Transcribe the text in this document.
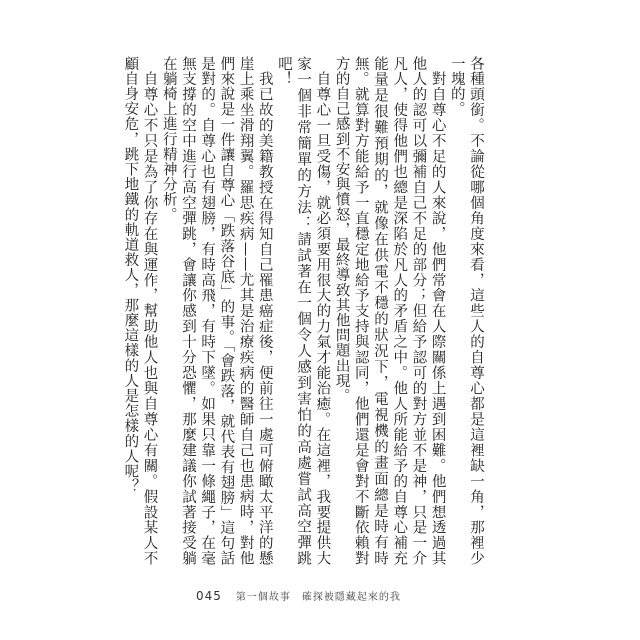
各種頭銜。不論從哪個角度來看，這些人的自尊心都是這裡缺一角，那裡少一塊的。

　對自尊心不足的人來說，他們常會在人際關係上遇到困難。他們想透過其他人的認可以彌補自己不足的部分；但給予認可的對方並不是神，只是一介凡人，使得他們也總是深陷於凡人的矛盾之中。他人所能給予的自尊心補充能量是很難預期的，就像在供電不穩的狀況下，電視機的畫面總是時有時無。就算對方能給予一直穩定地給予支持與認同，他們還是會對不斷依賴對方的自己感到不安與憤怒，最終導致其他問題出現。

　自尊心一旦受傷，就必須要用很大的力氣才能治癒。在這裡，我要提供大家一個非常簡單的方法：請試著在一個令人感到害怕的高處嘗試高空彈跳吧！

　我已故的美籍教授在得知自己罹患癌症後，便前往一處可俯瞰太平洋的懸崖上乘坐滑翔翼。羅思疾病——尤其是治療疾病的醫師自己也患病時，對他們來說是一件讓自尊心「跌落谷底」的事。「會跌落，就代表有翅膀」這句話是對的。自尊心也有翅膀，有時高飛，有時下墜。如果只靠一條繩子，在毫無支撐的空中進行高空彈跳，會讓你感到十分恐懼，那麼建議你試著接受躺在躺椅上進行精神分析。

　自尊心不只是為了你存在與運作，幫助他人也與自尊心有關。假設某人不顧自身安危，跳下地鐵的軌道救人，那麼這樣的人是怎樣的人呢？

045 第一個故事　確探被隱藏起來的我
